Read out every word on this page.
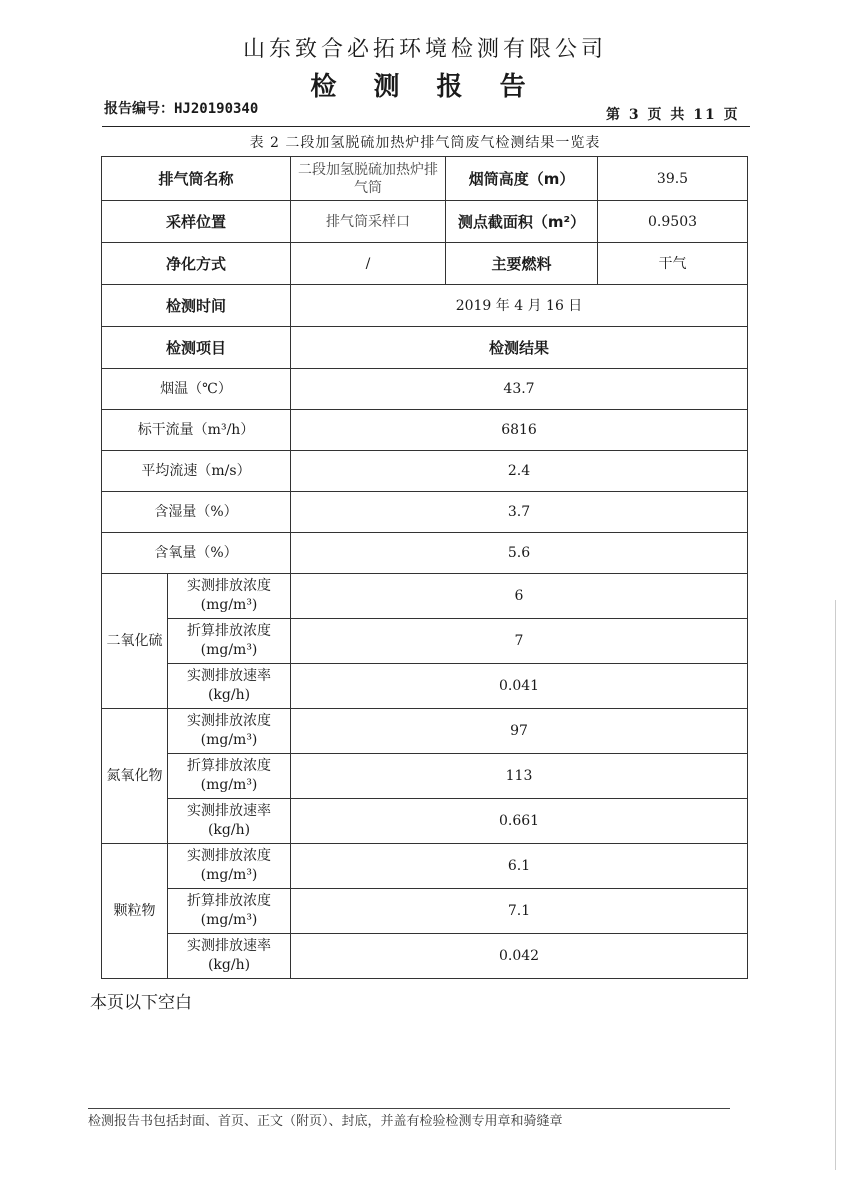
山东致合必拓环境检测有限公司
检 测 报 告
报告编号：HJ20190340	第 3 页 共 11 页
表 2 二段加氢脱硫加热炉排气筒废气检测结果一览表
排气筒名称		二段加氢脱硫加热炉排气筒	烟筒高度（m）	39.5
采样位置		排气筒采样口	测点截面积（m²）	0.9503
净化方式		/	主要燃料	干气
检测时间		2019 年 4 月 16 日		
检测项目		检测结果		
烟温（℃）		43.7		
标干流量（m³/h）		6816		
平均流速（m/s）		2.4		
含湿量（%）		3.7		
含氧量（%）		5.6		
二氧化硫	实测排放浓度
(mg/m³)	6		

	折算排放浓度
(mg/m³)	7		

	实测排放速率
(kg/h)	0.041		
氮氧化物	实测排放浓度
(mg/m³)	97		

	折算排放浓度
(mg/m³)	113		

	实测排放速率
(kg/h)	0.661		
颗粒物	实测排放浓度
(mg/m³)	6.1		

	折算排放浓度
(mg/m³)	7.1		

	实测排放速率
(kg/h)	0.042		
本页以下空白
检测报告书包括封面、首页、正文（附页）、封底，并盖有检验检测专用章和骑缝章
